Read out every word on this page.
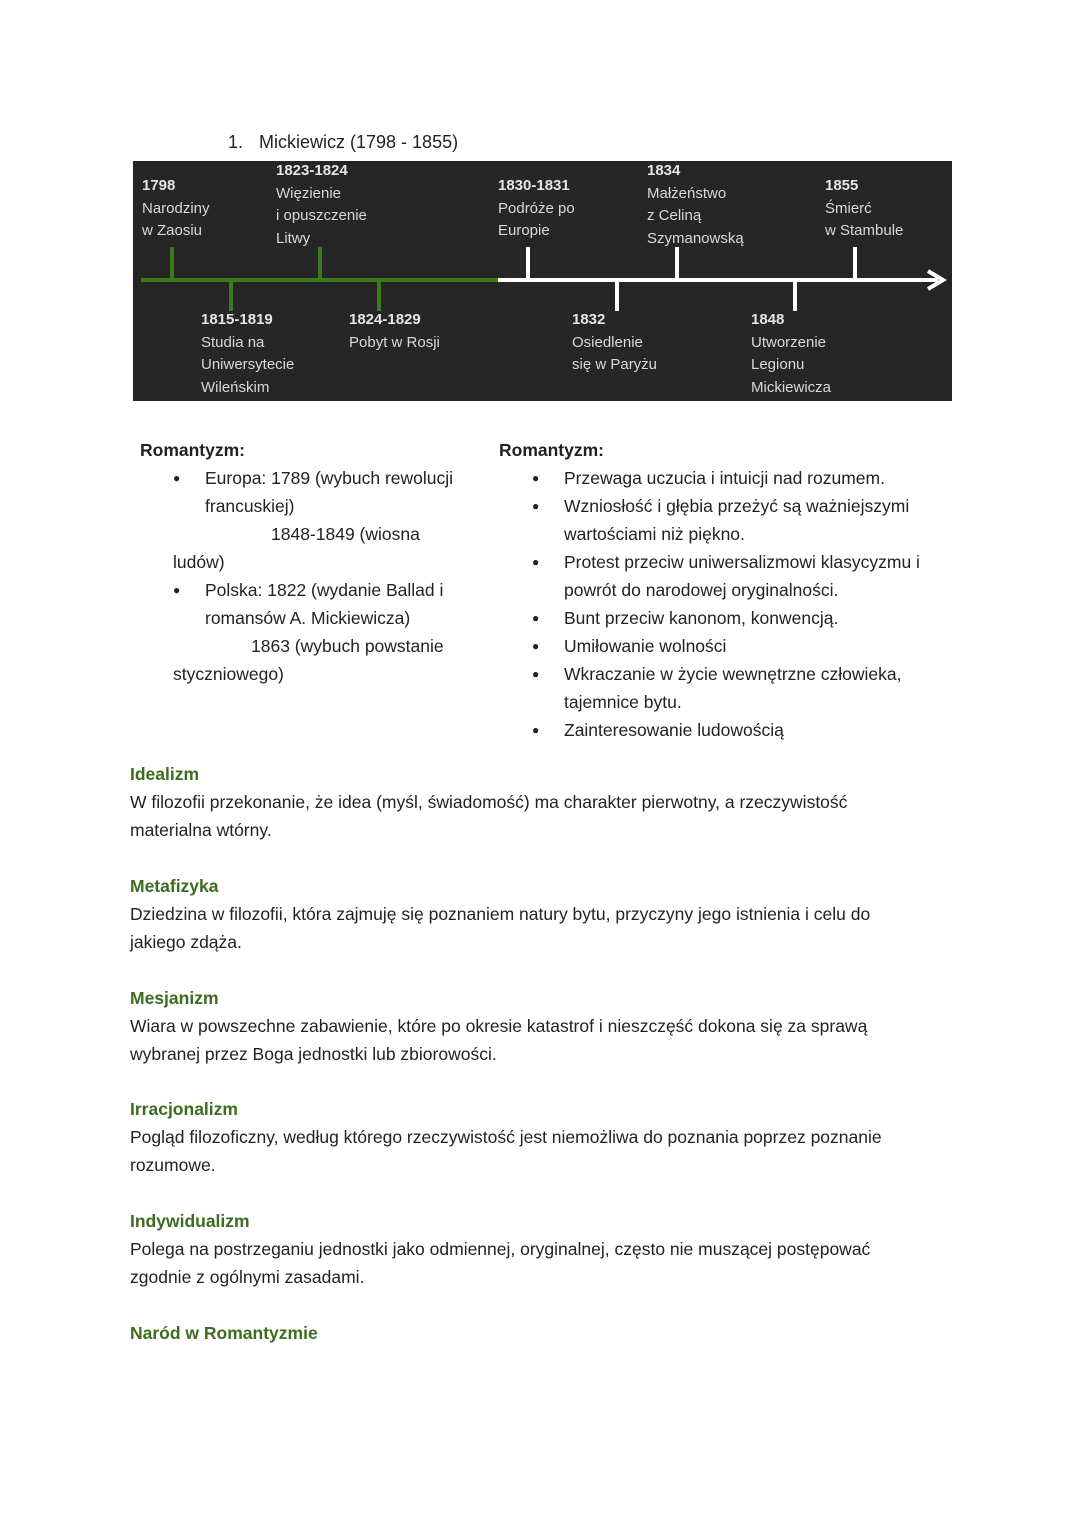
1. Mickiewicz (1798 - 1855)
1798
Narodziny
w Zaosiu
1823-1824
Więzienie
i opuszczenie
Litwy
1830-1831
Podróże po
Europie
1834
Małżeństwo
z Celiną
Szymanowską
1855
Śmierć
w Stambule
1815-1819
Studia na
Uniwersytecie
Wileńskim
1824-1829
Pobyt w Rosji
1832
Osiedlenie
się w Paryżu
1848
Utworzenie
Legionu
Mickiewicza
Romantyzm:
● Europa: 1789 (wybuch rewolucji
francuskiej)
1848-1849 (wiosna
ludów)
● Polska: 1822 (wydanie Ballad i
romansów A. Mickiewicza)
1863 (wybuch powstanie
styczniowego)
Romantyzm:
● Przewaga uczucia i intuicji nad rozumem.
● Wzniosłość i głębia przeżyć są ważniejszymi wartościami niż piękno.
● Protest przeciw uniwersalizmowi klasycyzmu i powrót do narodowej oryginalności.
● Bunt przeciw kanonom, konwencją.
● Umiłowanie wolności
● Wkraczanie w życie wewnętrzne człowieka, tajemnice bytu.
● Zainteresowanie ludowością
Idealizm

W filozofii przekonanie, że idea (myśl, świadomość) ma charakter pierwotny, a rzeczywistość materialna wtórny.

Metafizyka

Dziedzina w filozofii, która zajmuję się poznaniem natury bytu, przyczyny jego istnienia i celu do jakiego zdąża.

Mesjanizm

Wiara w powszechne zabawienie, które po okresie katastrof i nieszczęść dokona się za sprawą wybranej przez Boga jednostki lub zbiorowości.

Irracjonalizm

Pogląd filozoficzny, według którego rzeczywistość jest niemożliwa do poznania poprzez poznanie rozumowe.

Indywidualizm

Polega na postrzeganiu jednostki jako odmiennej, oryginalnej, często nie muszącej postępować zgodnie z ogólnymi zasadami.

Naród w Romantyzmie
